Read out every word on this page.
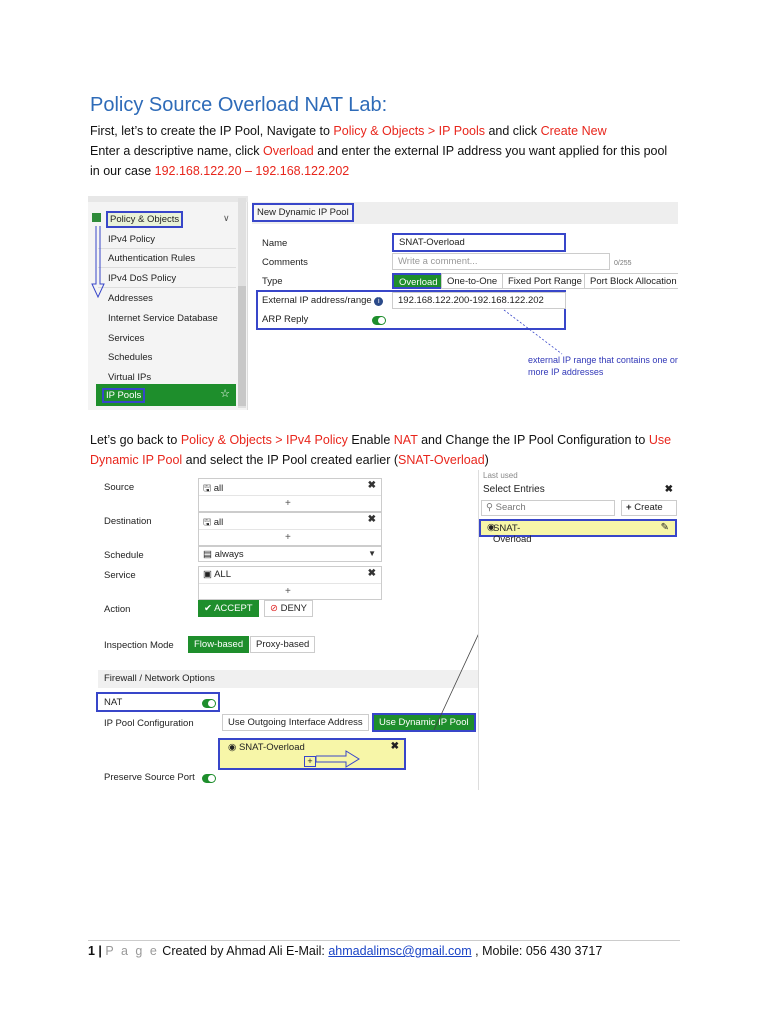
Policy Source Overload NAT Lab:
First, let’s to create the IP Pool, Navigate to Policy & Objects > IP Pools and click Create New
Enter a descriptive name, click Overload and enter the external IP address you want applied for this pool
in our case 192.168.122.20 – 192.168.122.202
Policy & Objects	∨
IPv4 Policy
Authentication Rules
IPv4 DoS Policy
Addresses
Internet Service Database
Services
Schedules
Virtual IPs
IP Pools	☆
New Dynamic IP Pool
Name	SNAT-Overload
Comments	Write a comment...	0/255
Type	Overload One-to-One	Fixed Port Range Port Block Allocation
External IP address/range i	192.168.122.200-192.168.122.202
ARP Reply
external IP range that contains one or more IP addresses
Let’s go back to Policy & Objects > IPv4 Policy Enable NAT and Change the IP Pool Configuration to Use
Dynamic IP Pool and select the IP Pool created earlier (SNAT-Overload)
Source	🖫 all	✖
+
Destination	🖫 all	✖
+
Schedule	▤ always	▼
Service	▣ ALL	✖
+
Action	✔ ACCEPT	⊘ DENY
Inspection Mode	Flow-based	Proxy-based
Firewall / Network Options
NAT
IP Pool Configuration	Use Outgoing Interface Address	Use Dynamic IP Pool
◉ SNAT-Overload	✖
+
Preserve Source Port
Last used
Select Entries	✖
⚲ Search	+ Create
◉
SNAT-Overload
✎
1 | P a g e Created by Ahmad Ali E-Mail: ahmadalimsc@gmail.com , Mobile: 056 430 3717
